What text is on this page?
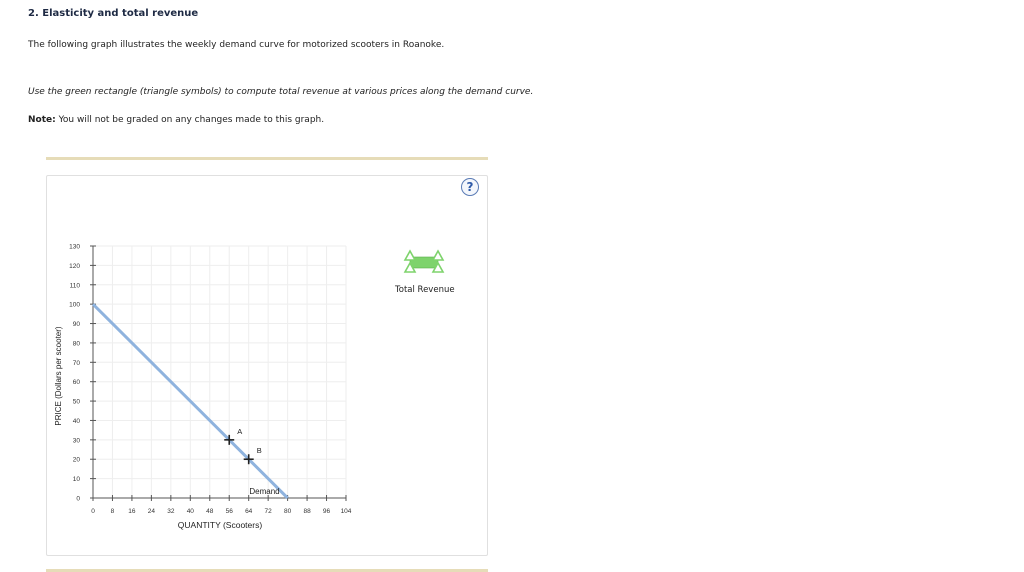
2. Elasticity and total revenue
The following graph illustrates the weekly demand curve for motorized scooters in Roanoke.
Use the green rectangle (triangle symbols) to compute total revenue at various prices along the demand curve.
Note: You will not be graded on any changes made to this graph.
?
0
10
20
30
40
50
60
70
80
90
100
110
120
130
0 8 16 24 32 40 48 56 64 72 80 88 96 104
Demand
A
B
QUANTITY (Scooters)
PRICE (Dollars per scooter)
Total Revenue
